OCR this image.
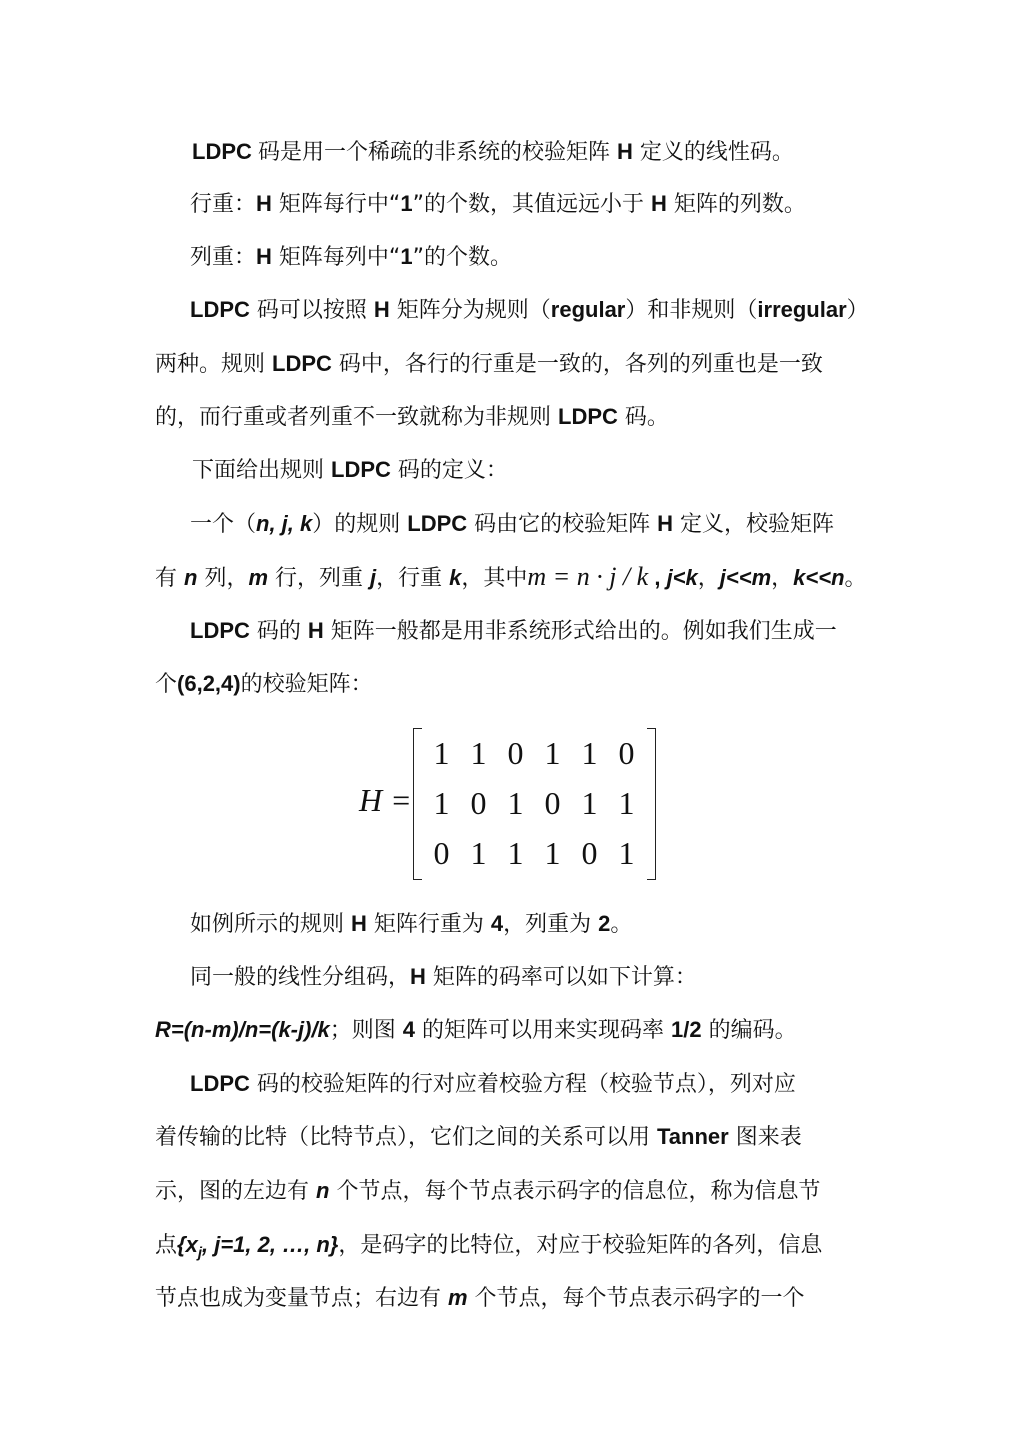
LDPC 码是用一个稀疏的非系统的校验矩阵 H 定义的线性码。
行重：H 矩阵每行中“1”的个数，其值远远小于 H 矩阵的列数。
列重：H 矩阵每列中“1”的个数。
LDPC 码可以按照 H 矩阵分为规则（regular）和非规则（irregular）
两种。规则 LDPC 码中，各行的行重是一致的，各列的列重也是一致
的，而行重或者列重不一致就称为非规则 LDPC 码。
下面给出规则 LDPC 码的定义：
一个（n, j, k）的规则 LDPC 码由它的校验矩阵 H 定义，校验矩阵
有 n 列，m 行，列重 j，行重 k，其中m = n · j / k , j<k，j<<m，k<<n。
LDPC 码的 H 矩阵一般都是用非系统形式给出的。例如我们生成一
个(6,2,4)的校验矩阵：
H =
1 1 0 1 1 0
1 0 1 0 1 1
0 1 1 1 0 1
如例所示的规则 H 矩阵行重为 4，列重为 2。
同一般的线性分组码，H 矩阵的码率可以如下计算：
R=(n-m)/n=(k-j)/k；则图 4 的矩阵可以用来实现码率 1/2 的编码。
LDPC 码的校验矩阵的行对应着校验方程（校验节点），列对应
着传输的比特（比特节点），它们之间的关系可以用 Tanner 图来表
示，图的左边有 n 个节点，每个节点表示码字的信息位，称为信息节
点{$x_j$, j=1, 2, …, n}，是码字的比特位，对应于校验矩阵的各列，信息
节点也成为变量节点；右边有 m 个节点，每个节点表示码字的一个
